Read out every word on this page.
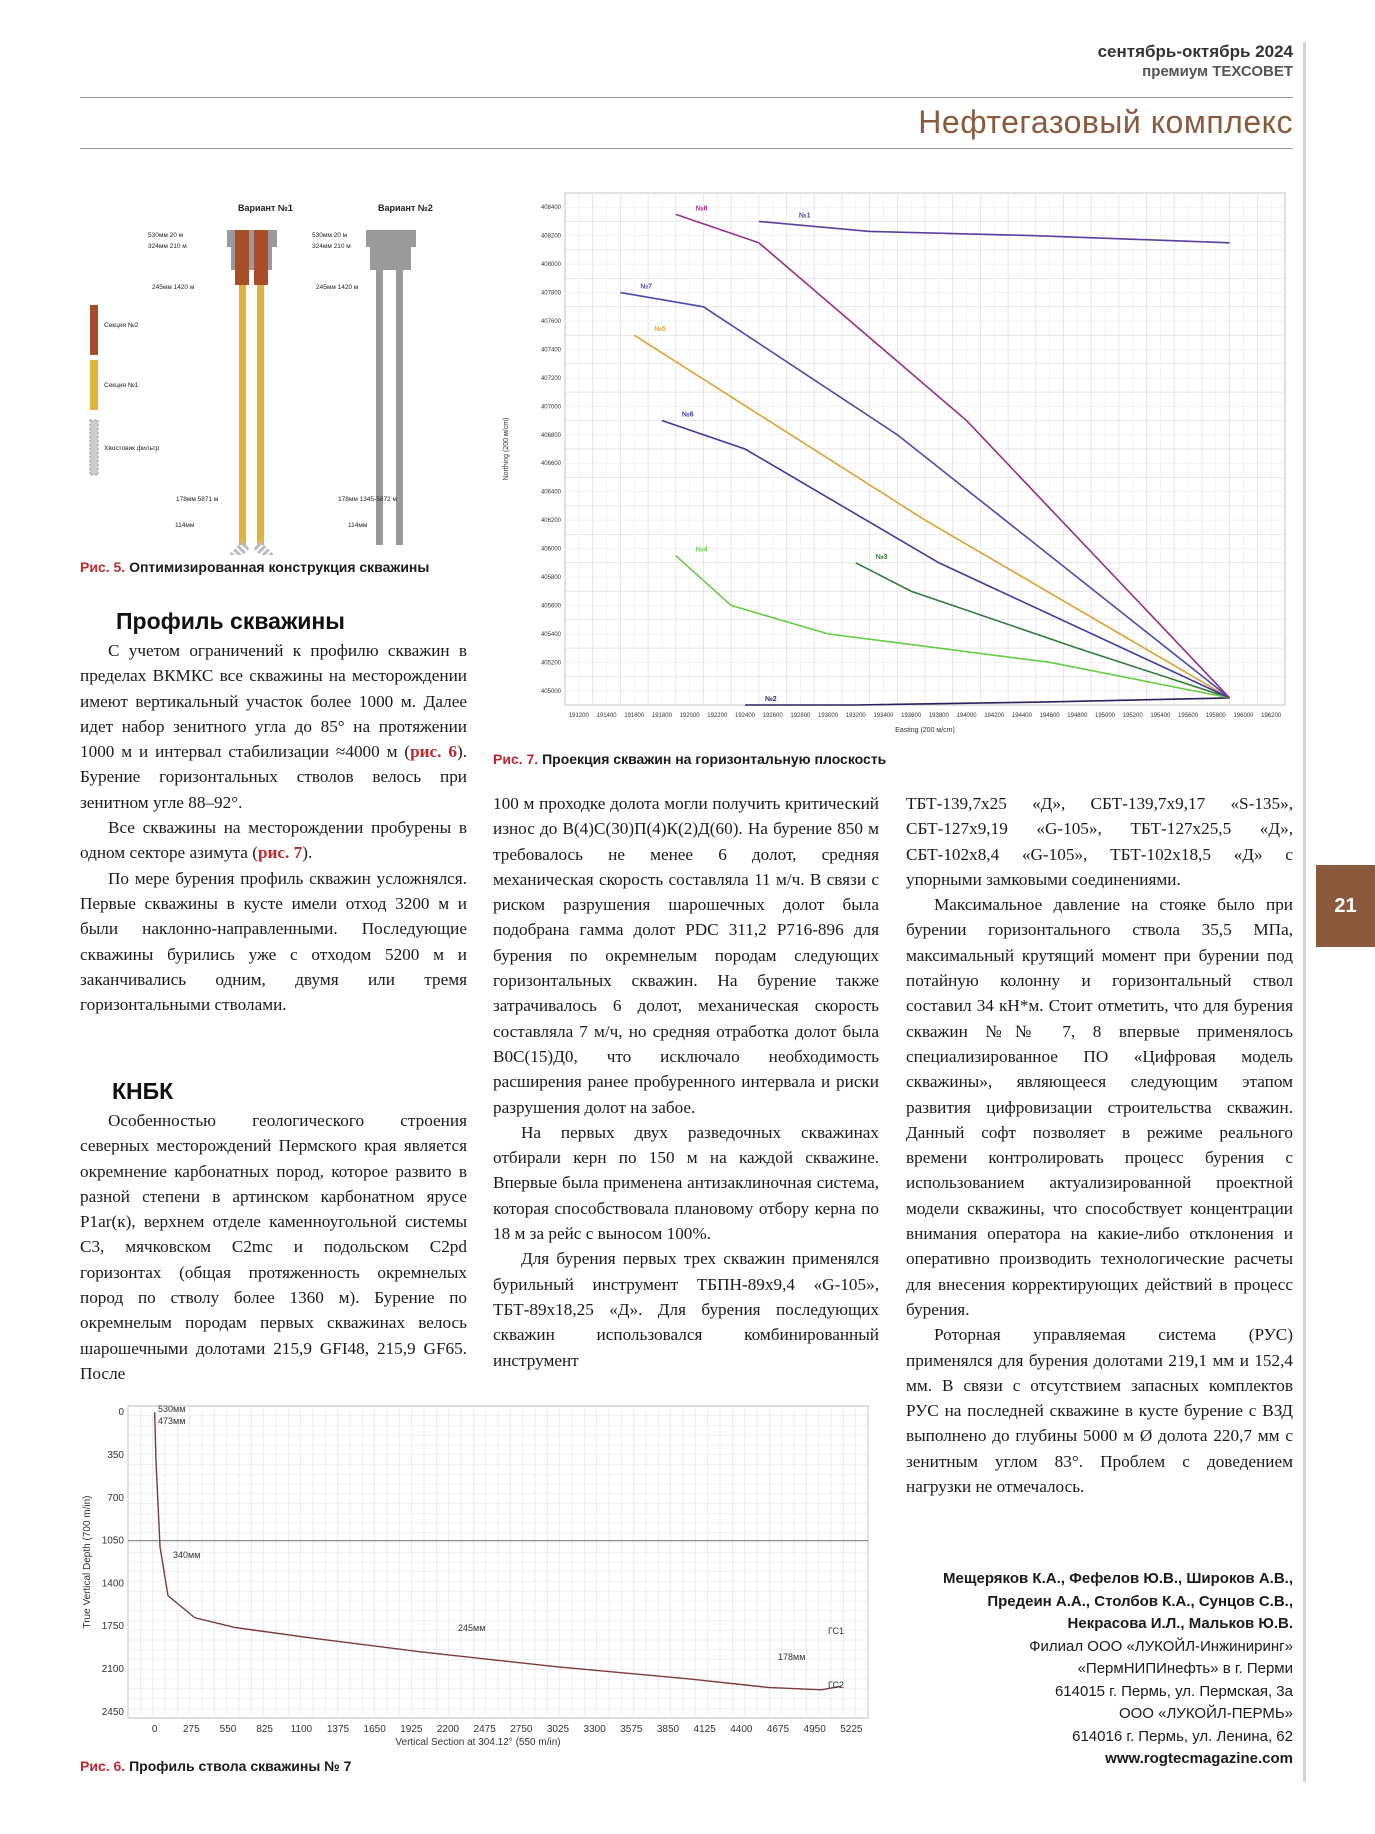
сентябрь-октябрь 2024
премиум ТЕХСОВЕТ
Нефтегазовый комплекс
21
Вариант №1	Вариант №2
530мм 20 м
324мм 210 м
245мм 1420 м
178мм 5871 м
114мм
530мм 20 м
324мм 210 м
245мм 1420 м
178мм 1345-5872 м
114мм
Секция №2
Секция №1
Хвостовик фильтр
Рис. 5. Оптимизированная конструкция скважины
191200 191400 191600 191800 192000 192200 192400 192600 192800 193000 193200 193400 193600 193800 194000 194200 194400 194600 194800 195000 195200 195400 195600 195800 196000 196200
408400
408200
408000
407800
407600
407400
407200
407000
406800
406600
406400
406200
406000
405800
405600
405400
405200
405000
Easting (200 м/cm)
Northing (200 м/cm)
№1
№2
№3
№4
№5
№6
№7
№8
Рис. 7. Проекция скважин на горизонтальную плоскость
Профиль скважины

С учетом ограничений к профилю скважин в пределах ВКМКС все скважины на месторождении имеют вертикальный участок более 1000 м. Далее идет набор зенитного угла до 85° на протяжении 1000 м и интервал стабилизации ≈4000 м (рис. 6). Бурение горизонтальных стволов велось при зенитном угле 88–92°.

Все скважины на месторождении пробурены в одном секторе азимута (рис. 7).

По мере бурения профиль скважин усложнялся. Первые скважины в кусте имели отход 3200 м и были наклонно-направленными. Последующие скважины бурились уже с отходом 5200 м и заканчивались одним, двумя или тремя горизонтальными стволами.

КНБК

Особенностью геологического строения северных месторождений Пермского края является окремнение карбонатных пород, которое развито в разной степени в артинском карбонатном ярусе P1ar(к), верхнем отделе каменноугольной системы C3, мячковском C2mc и подольском C2pd горизонтах (общая протяженность окремнелых пород по стволу более 1360 м). Бурение по окремнелым породам первых скважинах велось шарошечными долотами 215,9 GFI48, 215,9 GF65. После

100 м проходке долота могли получить критический износ до B(4)C(30)П(4)К(2)Д(60). На бурение 850 м требовалось не менее 6 долот, средняя механическая скорость составляла 11 м/ч. В связи с риском разрушения шарошечных долот была подобрана гамма долот PDC 311,2 P716-896 для бурения по окремнелым породам следующих горизонтальных скважин. На бурение также затрачивалось 6 долот, механическая скорость составляла 7 м/ч, но средняя отработка долот была B0C(15)Д0, что исключало необходимость расширения ранее пробуренного интервала и риски разрушения долот на забое.

На первых двух разведочных скважинах отбирали керн по 150 м на каждой скважине. Впервые была применена антизаклиночная система, которая способствовала плановому отбору керна по 18 м за рейс с выносом 100%.

Для бурения первых трех скважин применялся бурильный инструмент ТБПН-89х9,4 «G-105», ТБТ-89х18,25 «Д». Для бурения последующих скважин использовался комбинированный инструмент

ТБТ-139,7х25 «Д», СБТ-139,7х9,17 «S-135», СБТ-127х9,19 «G-105», ТБТ-127х25,5 «Д», СБТ-102х8,4 «G-105», ТБТ-102х18,5 «Д» с упорными замковыми соединениями.

Максимальное давление на стояке было при бурении горизонтального ствола 35,5 МПа, максимальный крутящий момент при бурении под потайную колонну и горизонтальный ствол составил 34 кН*м. Стоит отметить, что для бурения скважин №№ 7, 8 впервые применялось специализированное ПО «Цифровая модель скважины», являющееся следующим этапом развития цифровизации строительства скважин. Данный софт позволяет в режиме реального времени контролировать процесс бурения с использованием актуализированной проектной модели скважины, что способствует концентрации внимания оператора на какие-либо отклонения и оперативно производить технологические расчеты для внесения корректирующих действий в процесс бурения.

Роторная управляемая система (РУС) применялся для бурения долотами 219,1 мм и 152,4 мм. В связи с отсутствием запасных комплектов РУС на последней скважине в кусте бурение с ВЗД выполнено до глубины 5000 м Ø долота 220,7 мм с зенитным углом 83°. Проблем с доведением нагрузки не отмечалось.

0	275 550 825 1100 1375 1650 1925 2200 2475 2750 3025 3300 3575 3850 4125 4400 4675 4950 5225
0
350
700
1050
1400
1750
2100
2450
Vertical Section at 304.12° (550 m/in)
True Vertical Depth (700 m/in)
530мм
473мм
340мм
245мм
178мм
ГС1
ГС2
Рис. 6. Профиль ствола скважины № 7
Мещеряков К.А., Фефелов Ю.В., Широков А.В.,
Предеин А.А., Столбов К.А., Сунцов С.В.,
Некрасова И.Л., Мальков Ю.В.
Филиал ООО «ЛУКОЙЛ-Инжиниринг»
«ПермНИПИнефть» в г. Перми
614015 г. Пермь, ул. Пермская, 3а
ООО «ЛУКОЙЛ-ПЕРМЬ»
614016 г. Пермь, ул. Ленина, 62
www.rogtecmagazine.com
